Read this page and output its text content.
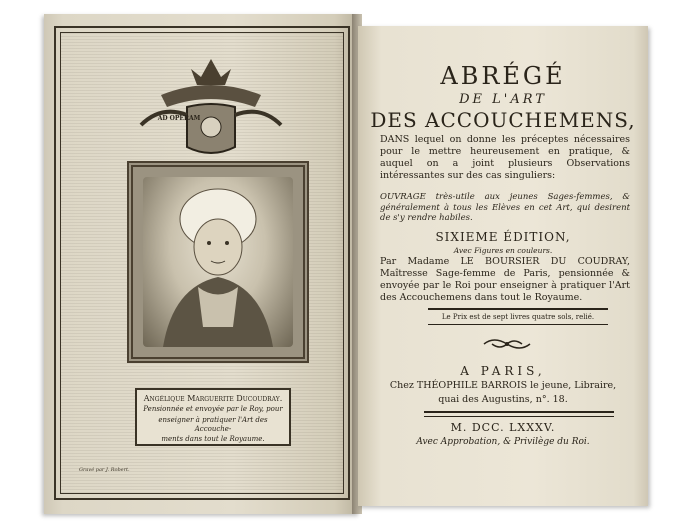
AD OPERAM

Angélique Marguerite Ducoudray.

Pensionnée et envoyée par le Roy, pour

enseigner à pratiquer l'Art des Accouche-

ments dans tout le Royaume.

Gravé par J. Robert.

ABRÉGÉ

DE L'ART

DES ACCOUCHEMENS,

DANS lequel on donne les préceptes nécessaires pour le mettre heureusement en pratique, & auquel on a joint plusieurs Observations intéressantes sur des cas singuliers:

OUVRAGE très-utile aux jeunes Sages-femmes, & généralement à tous les Elèves en cet Art, qui desirent de s'y rendre habiles.

SIXIEME ÉDITION,

Avec Figures en couleurs.

Par Madame LE BOURSIER DU COUDRAY, Maîtresse Sage-femme de Paris, pensionnée & envoyée par le Roi pour enseigner à pratiquer l'Art des Accouchemens dans tout le Royaume.

Le Prix est de sept livres quatre sols, relié.

A PARIS,

Chez THÉOPHILE BARROIS le jeune, Libraire,

quai des Augustins, n°. 18.

M. DCC. LXXXV.

Avec Approbation, & Privilège du Roi.
